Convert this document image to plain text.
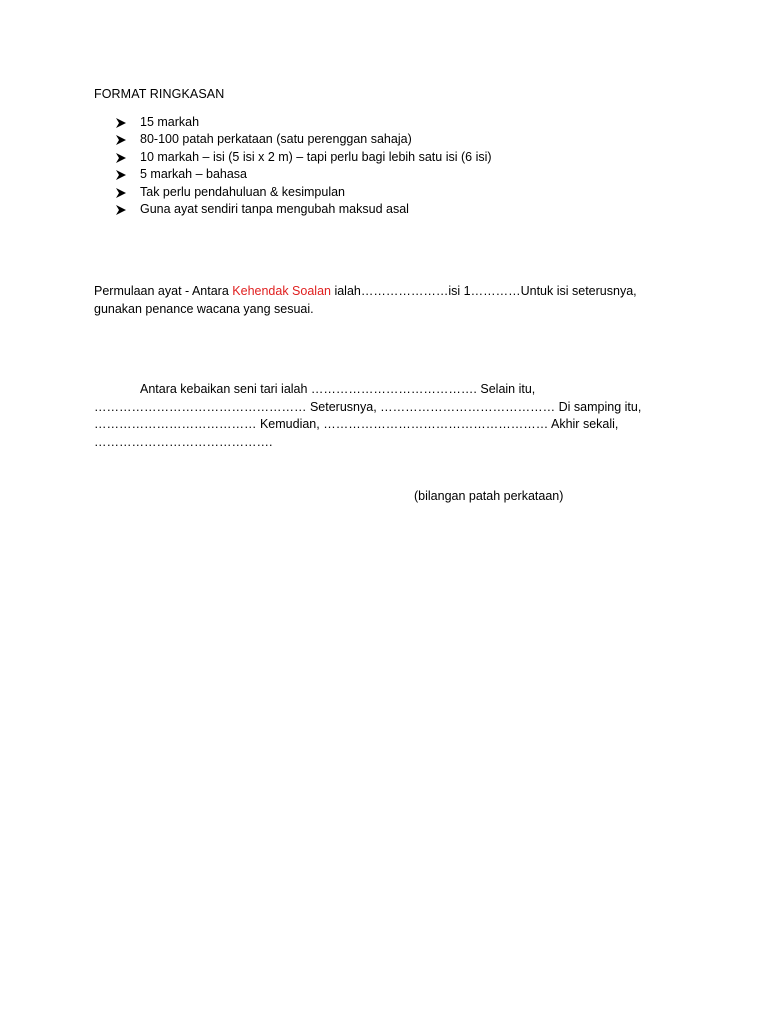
FORMAT RINGKASAN
15 markah
80-100 patah perkataan (satu perenggan sahaja)
10 markah – isi (5 isi x 2 m) – tapi perlu bagi lebih satu isi (6 isi)
5 markah – bahasa
Tak perlu pendahuluan & kesimpulan
Guna ayat sendiri tanpa mengubah maksud asal
Permulaan ayat - Antara Kehendak Soalan ialah…………………isi 1…………Untuk isi seterusnya, gunakan penance wacana yang sesuai.
Antara kebaikan seni tari ialah …………………………………. Selain itu, …………………………………………… Seterusnya, …………………………………… Di samping itu, ………………………………… Kemudian, ……………………………………………… Akhir sekali, …………………………………….
(bilangan patah perkataan)
